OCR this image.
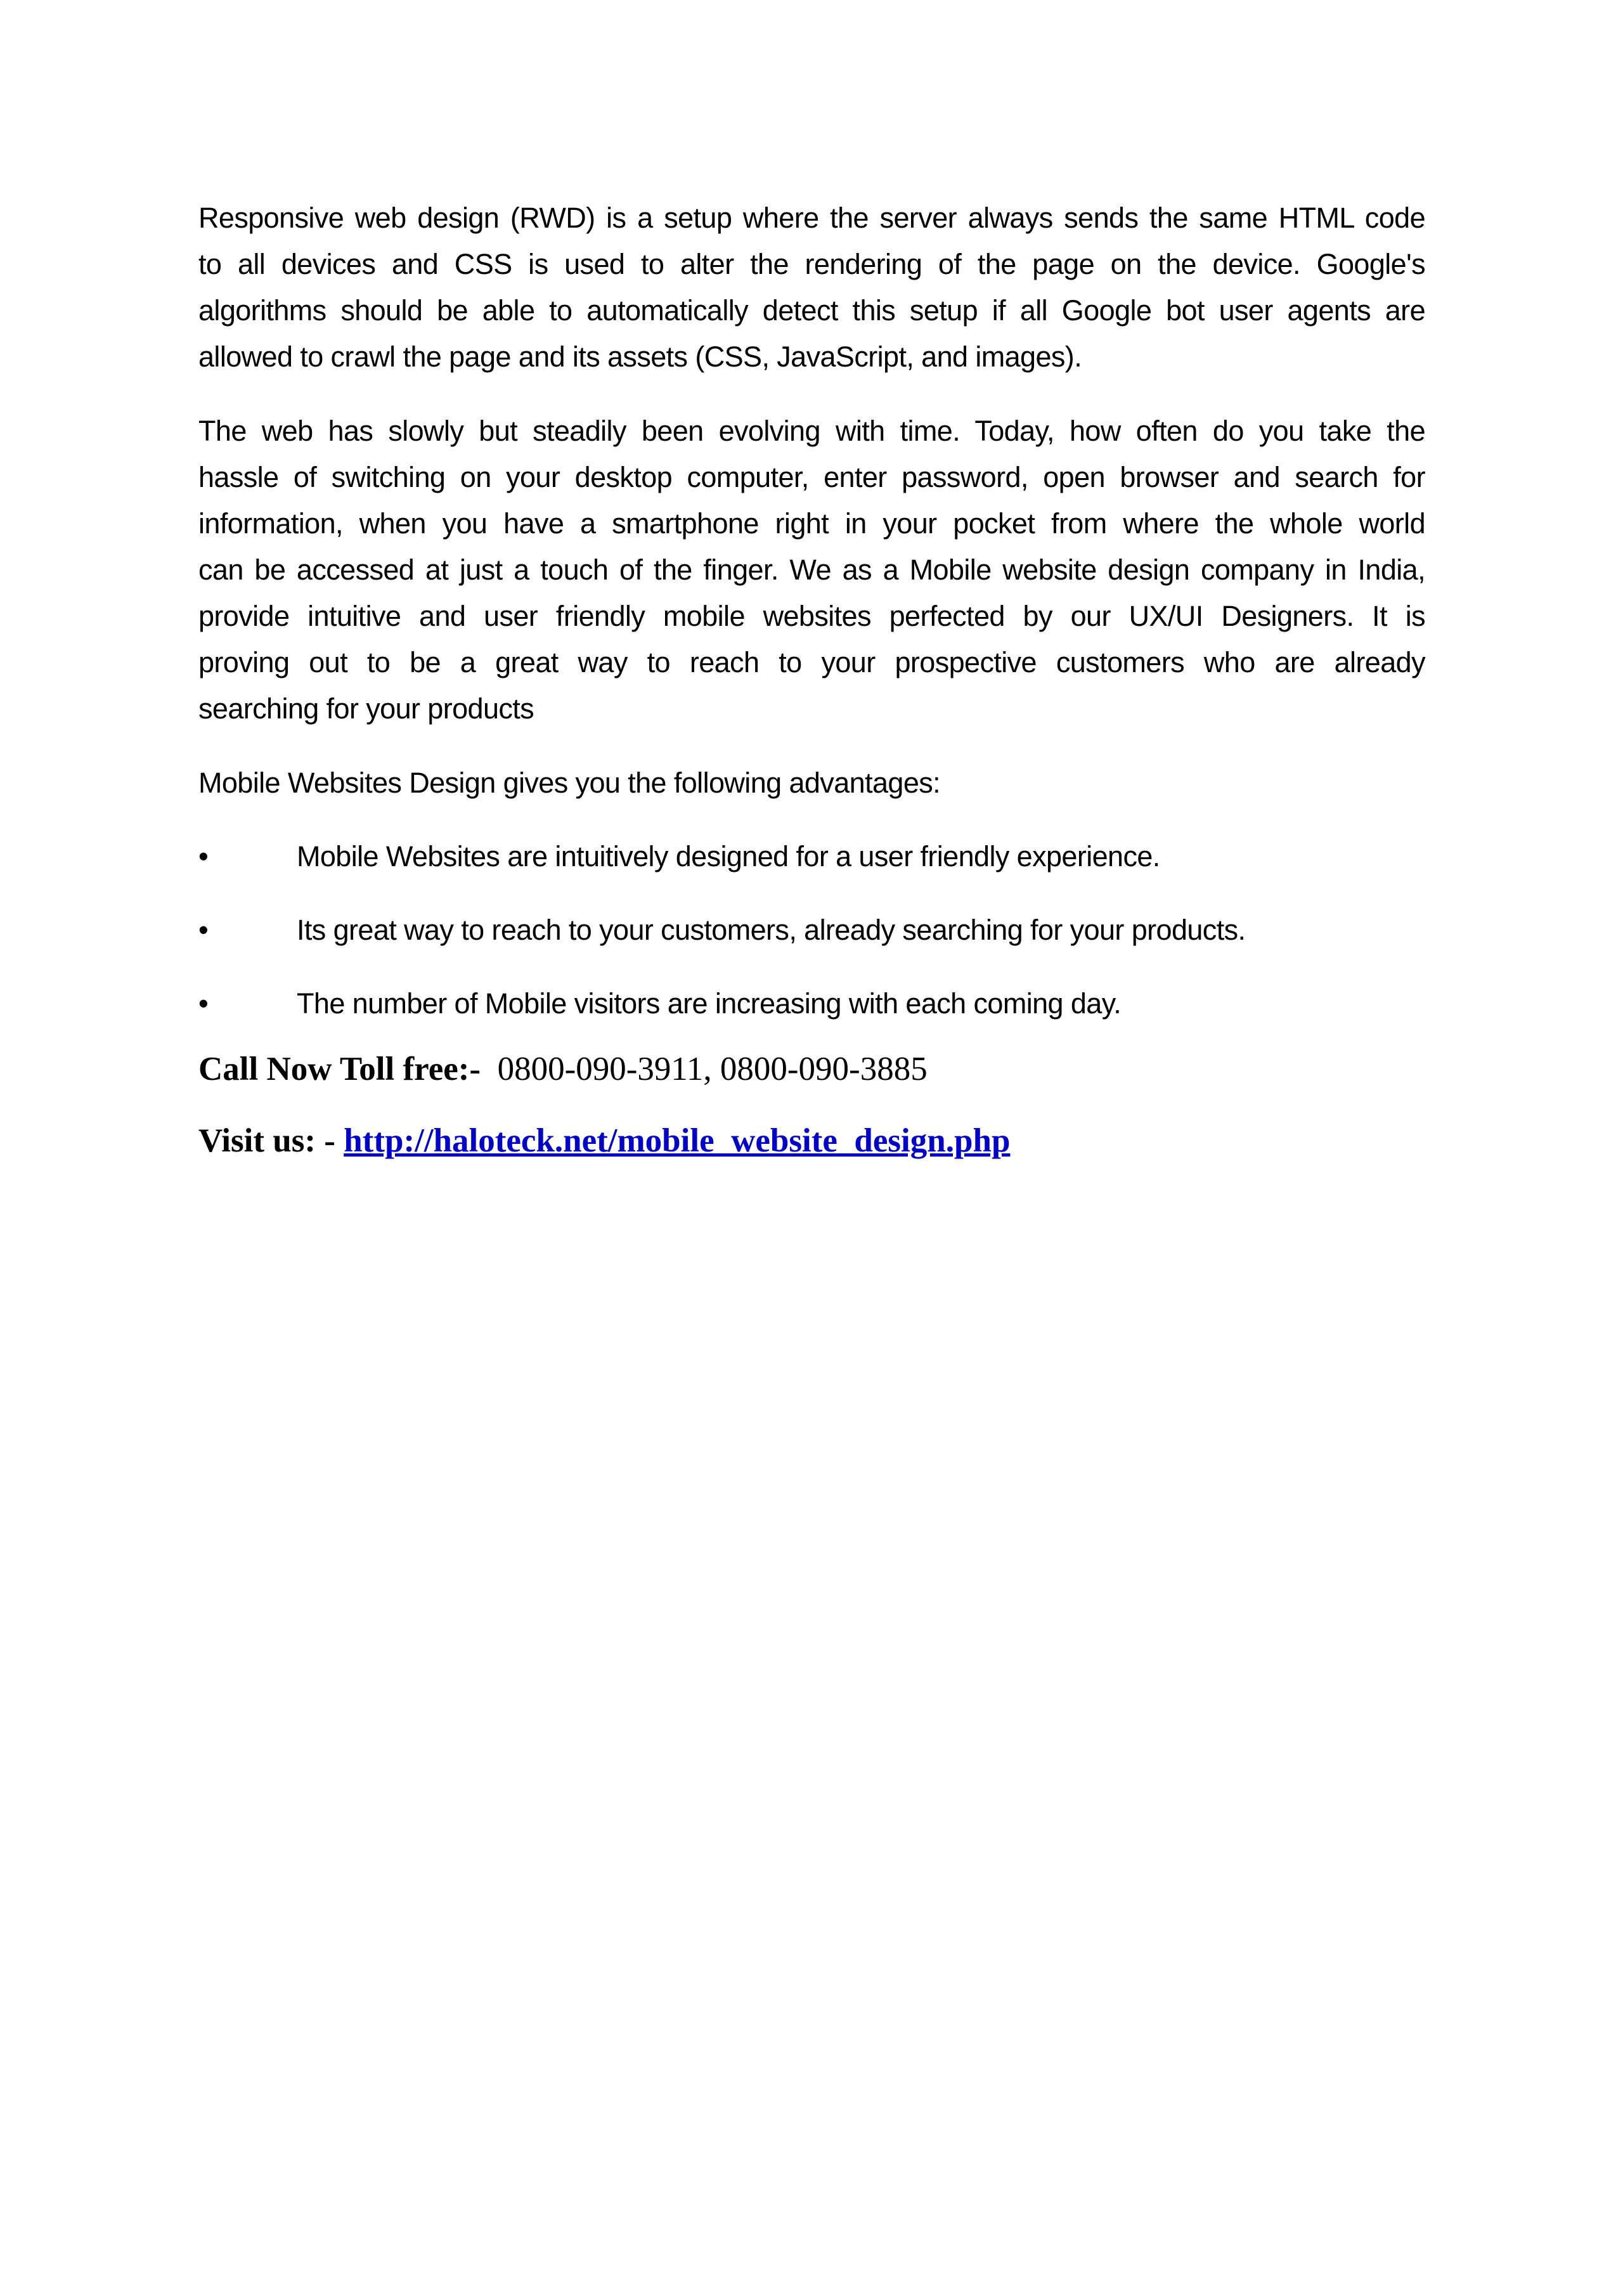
Responsive web design (RWD) is a setup where the server always sends the same HTML code
to all devices and CSS is used to alter the rendering of the page on the device. Google's
algorithms should be able to automatically detect this setup if all Google bot user agents are
allowed to crawl the page and its assets (CSS, JavaScript, and images).
The web has slowly but steadily been evolving with time. Today, how often do you take the
hassle of switching on your desktop computer, enter password, open browser and search for
information, when you have a smartphone right in your pocket from where the whole world
can be accessed at just a touch of the finger. We as a Mobile website design company in India,
provide intuitive and user friendly mobile websites perfected by our UX/UI Designers. It is
proving out to be a great way to reach to your prospective customers who are already
searching for your products
Mobile Websites Design gives you the following advantages:
•	Mobile Websites are intuitively designed for a user friendly experience.
•	Its great way to reach to your customers, already searching for your products.
•	The number of Mobile visitors are increasing with each coming day.
Call Now Toll free:- 0800-090-3911, 0800-090-3885
Visit us: - http://haloteck.net/mobile_website_design.php
